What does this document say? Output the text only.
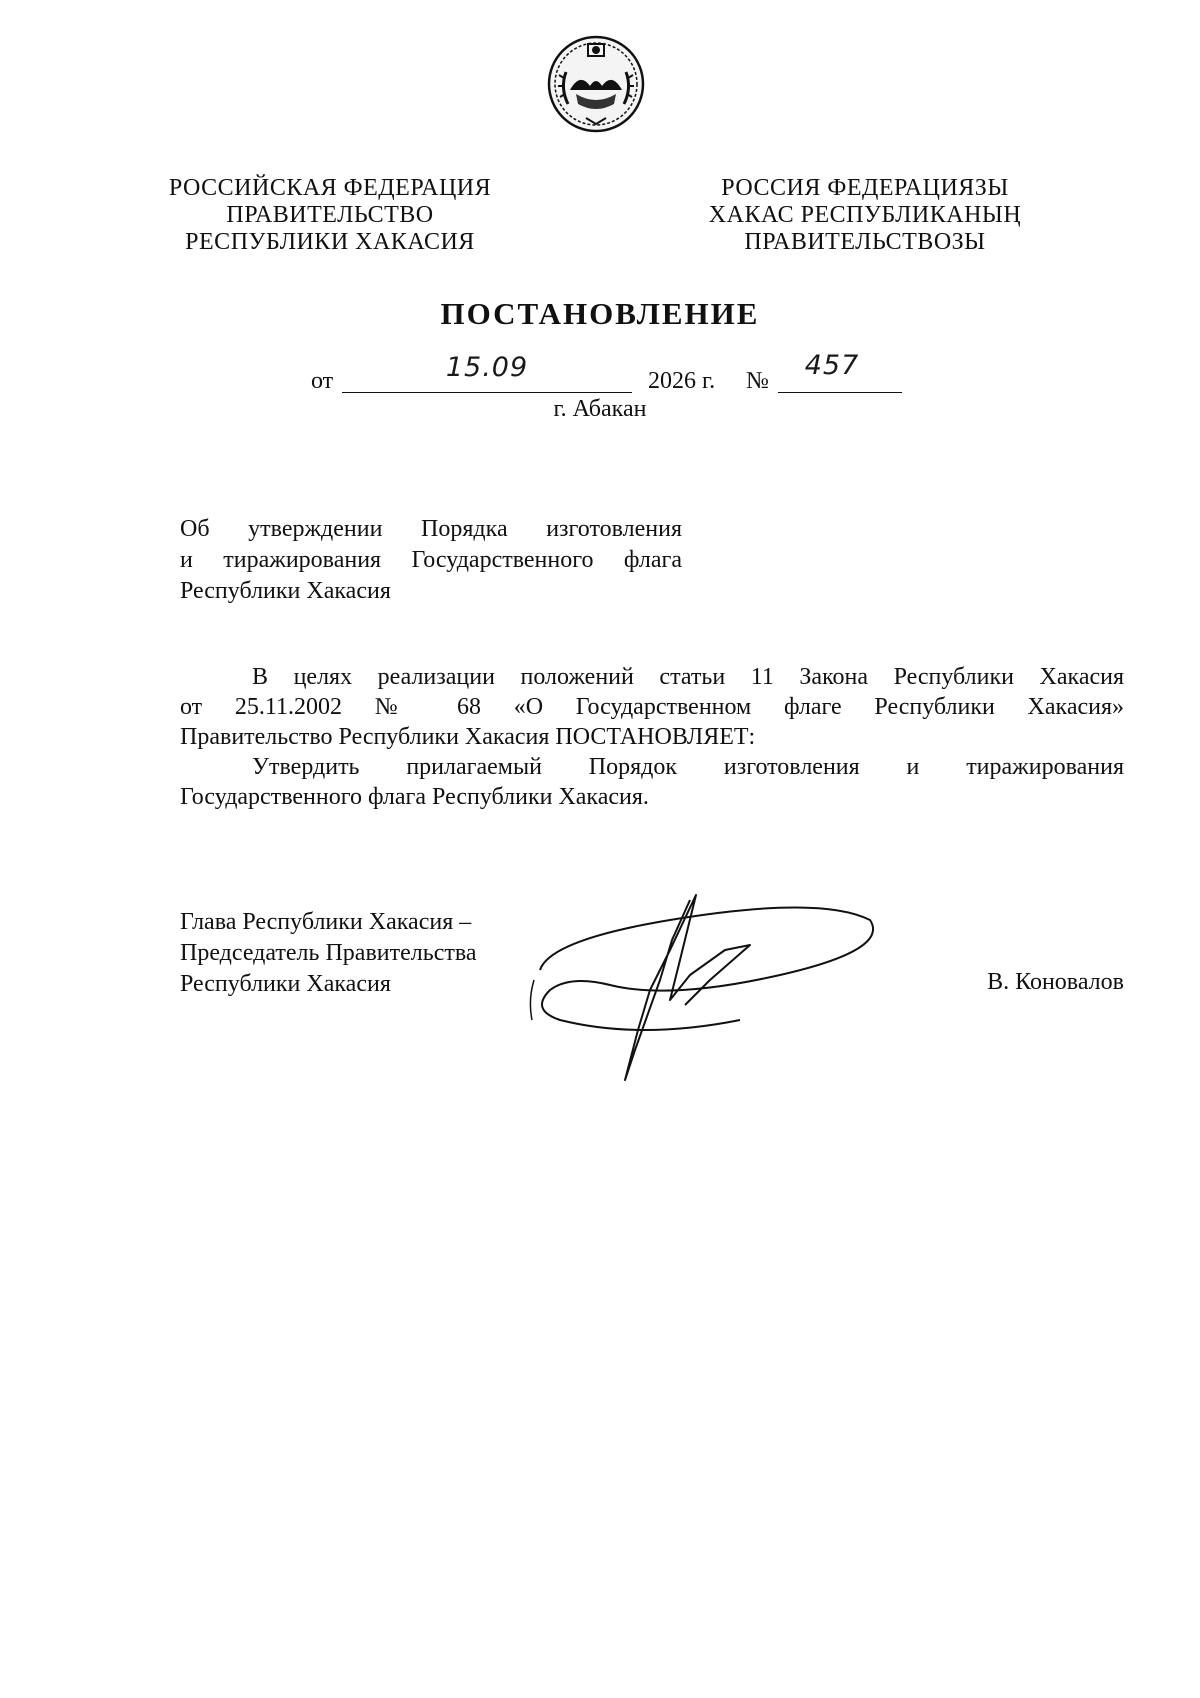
РОССИЙСКАЯ ФЕДЕРАЦИЯ
ПРАВИТЕЛЬСТВО
РЕСПУБЛИКИ ХАКАСИЯ
РОССИЯ ФЕДЕРАЦИЯЗЫ
ХАКАС РЕСПУБЛИКАНЫҢ
ПРАВИТЕЛЬСТВОЗЫ
ПОСТАНОВЛЕНИЕ
от	15.09	2026 г. №	457
г. Абакан
Об утверждении Порядка изготовления
и тиражирования Государственного флага
Республики Хакасия
В целях реализации положений статьи 11 Закона Республики Хакасия
от 25.11.2002 № 68 «О Государственном флаге Республики Хакасия»
Правительство Республики Хакасия ПОСТАНОВЛЯЕТ:
Утвердить прилагаемый Порядок изготовления и тиражирования
Государственного флага Республики Хакасия.
Глава Республики Хакасия –
Председатель Правительства
Республики Хакасия	В. Коновалов
